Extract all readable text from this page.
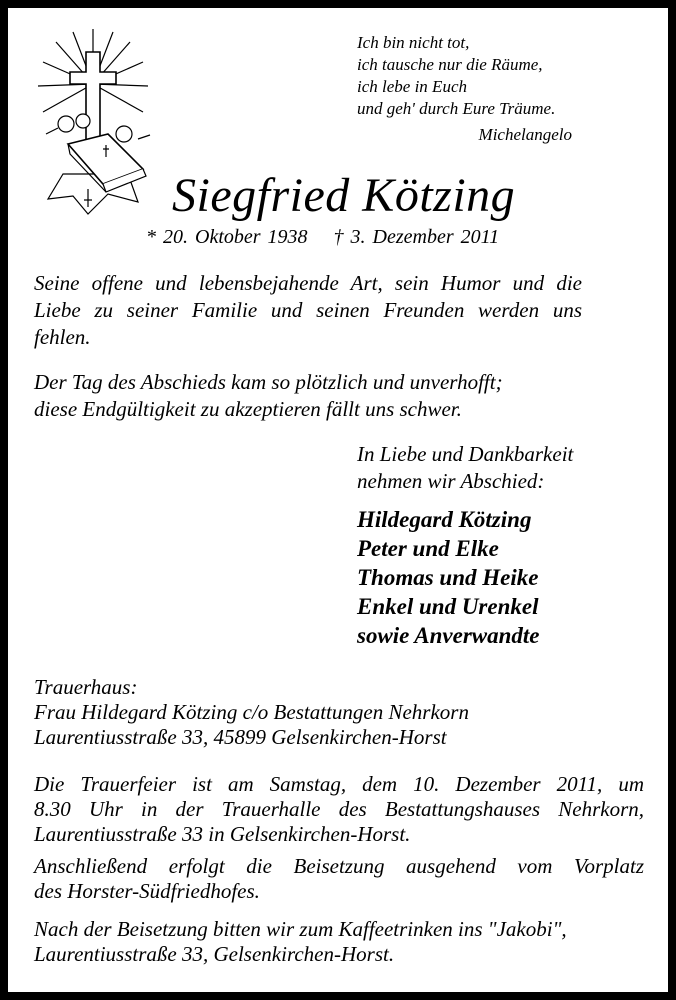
Ich bin nicht tot,
ich tausche nur die Räume,
ich lebe in Euch
und geh' durch Eure Träume.
Michelangelo
Siegfried Kötzing
* 20. Oktober 1938 † 3. Dezember 2011
Seine offene und lebensbejahende Art, sein Humor und die
Liebe zu seiner Familie und seinen Freunden werden uns
fehlen.
Der Tag des Abschieds kam so plötzlich und unverhofft;
diese Endgültigkeit zu akzeptieren fällt uns schwer.
In Liebe und Dankbarkeit
nehmen wir Abschied:
Hildegard Kötzing
Peter und Elke
Thomas und Heike
Enkel und Urenkel
sowie Anverwandte
Trauerhaus:
Frau Hildegard Kötzing c/o Bestattungen Nehrkorn
Laurentiusstraße 33, 45899 Gelsenkirchen-Horst
Die Trauerfeier ist am Samstag, dem 10. Dezember 2011, um
8.30 Uhr in der Trauerhalle des Bestattungshauses Nehrkorn,
Laurentiusstraße 33 in Gelsenkirchen-Horst.
Anschließend erfolgt die Beisetzung ausgehend vom Vorplatz
des Horster-Südfriedhofes.
Nach der Beisetzung bitten wir zum Kaffeetrinken ins "Jakobi",
Laurentiusstraße 33, Gelsenkirchen-Horst.
